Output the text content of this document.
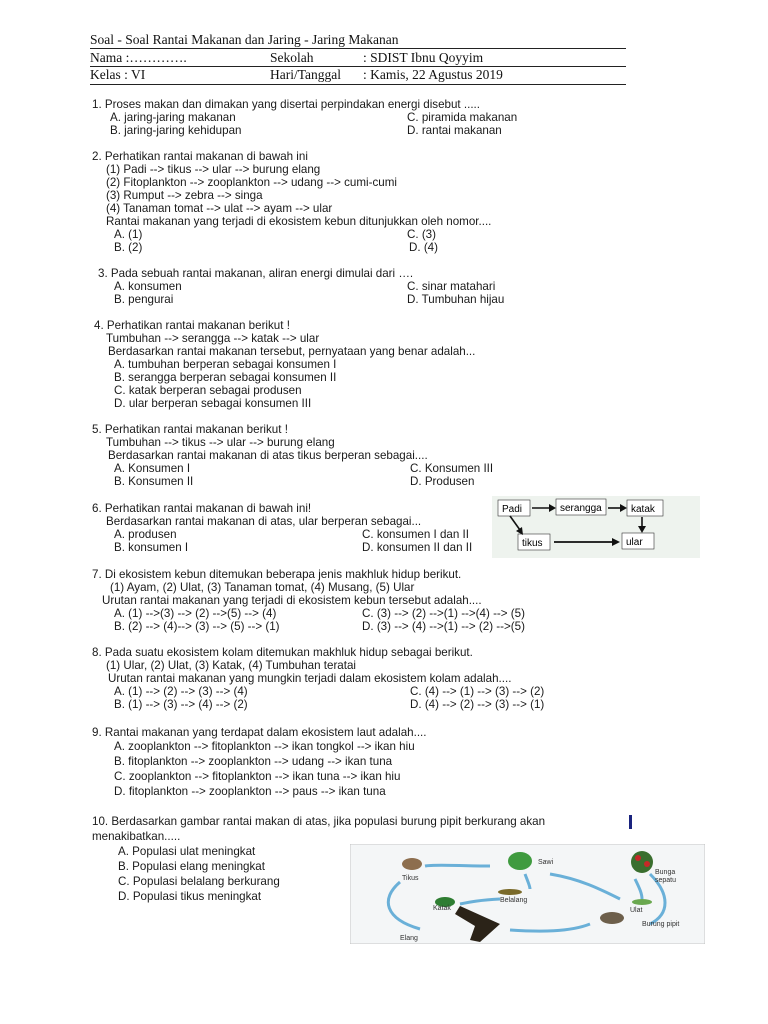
Soal - Soal Rantai Makanan dan Jaring - Jaring Makanan
Nama :………….	Sekolah	: SDIST Ibnu Qoyyim
Kelas : VI	Hari/Tanggal : Kamis, 22 Agustus 2019
1. Proses makan dan dimakan yang disertai perpindakan energi disebut .....
A. jaring-jaring makanan
B. jaring-jaring kehidupan
C. piramida makanan
D. rantai makanan
2. Perhatikan rantai makanan di bawah ini
(1) Padi --> tikus --> ular --> burung elang
(2) Fitoplankton --> zooplankton --> udang --> cumi-cumi
(3) Rumput --> zebra --> singa
(4) Tanaman tomat --> ulat --> ayam --> ular
Rantai makanan yang terjadi di ekosistem kebun ditunjukkan oleh nomor....
A. (1)
B. (2)
C. (3)
D. (4)
3. Pada sebuah rantai makanan, aliran energi dimulai dari ….
A. konsumen
B. pengurai
C. sinar matahari
D. Tumbuhan hijau
4. Perhatikan rantai makanan berikut !
Tumbuhan --> serangga --> katak --> ular
Berdasarkan rantai makanan tersebut, pernyataan yang benar adalah...
A. tumbuhan berperan sebagai konsumen I
B. serangga berperan sebagai konsumen II
C. katak berperan sebagai produsen
D. ular berperan sebagai konsumen III
5. Perhatikan rantai makanan berikut !
Tumbuhan --> tikus --> ular --> burung elang
Berdasarkan rantai makanan di atas tikus berperan sebagai....
A. Konsumen I
B. Konsumen II
C. Konsumen III
D. Produsen
6. Perhatikan rantai makanan di bawah ini!
Berdasarkan rantai makanan di atas, ular berperan sebagai...
A. produsen
B. konsumen I
C. konsumen I dan II
D. konsumen II dan II
Padi	serangga	katak
ular
tikus
7. Di ekosistem kebun ditemukan beberapa jenis makhluk hidup berikut.
(1) Ayam, (2) Ulat, (3) Tanaman tomat, (4) Musang, (5) Ular
Urutan rantai makanan yang terjadi di ekosistem kebun tersebut adalah....
A. (1) -->(3) --> (2) -->(5) --> (4)
B. (2) --> (4)--> (3) --> (5) --> (1)
C. (3) --> (2) -->(1) -->(4) --> (5)
D. (3) --> (4) -->(1) --> (2) -->(5)
8. Pada suatu ekosistem kolam ditemukan makhluk hidup sebagai berikut.
(1) Ular, (2) Ulat, (3) Katak, (4) Tumbuhan teratai
Urutan rantai makanan yang mungkin terjadi dalam ekosistem kolam adalah....
A. (1) --> (2) --> (3) --> (4)
B. (1) --> (3) --> (4) --> (2)
C. (4) --> (1) --> (3) --> (2)
D. (4) --> (2) --> (3) --> (1)
9. Rantai makanan yang terdapat dalam ekosistem laut adalah....
A. zooplankton --> fitoplankton --> ikan tongkol --> ikan hiu
B. fitoplankton --> zooplankton --> udang --> ikan tuna
C. zooplankton --> fitoplankton --> ikan tuna --> ikan hiu
D. fitoplankton --> zooplankton --> paus --> ikan tuna
10. Berdasarkan gambar rantai makan di atas, jika populasi burung pipit berkurang akan
menakibatkan.....
A. Populasi ulat meningkat
B. Populasi elang meningkat
C. Populasi belalang berkurang
D. Populasi tikus meningkat
Tikus
Sawi
Bunga
sepatu
Katak
Belalang
Ulat
Elang
Burung pipit
